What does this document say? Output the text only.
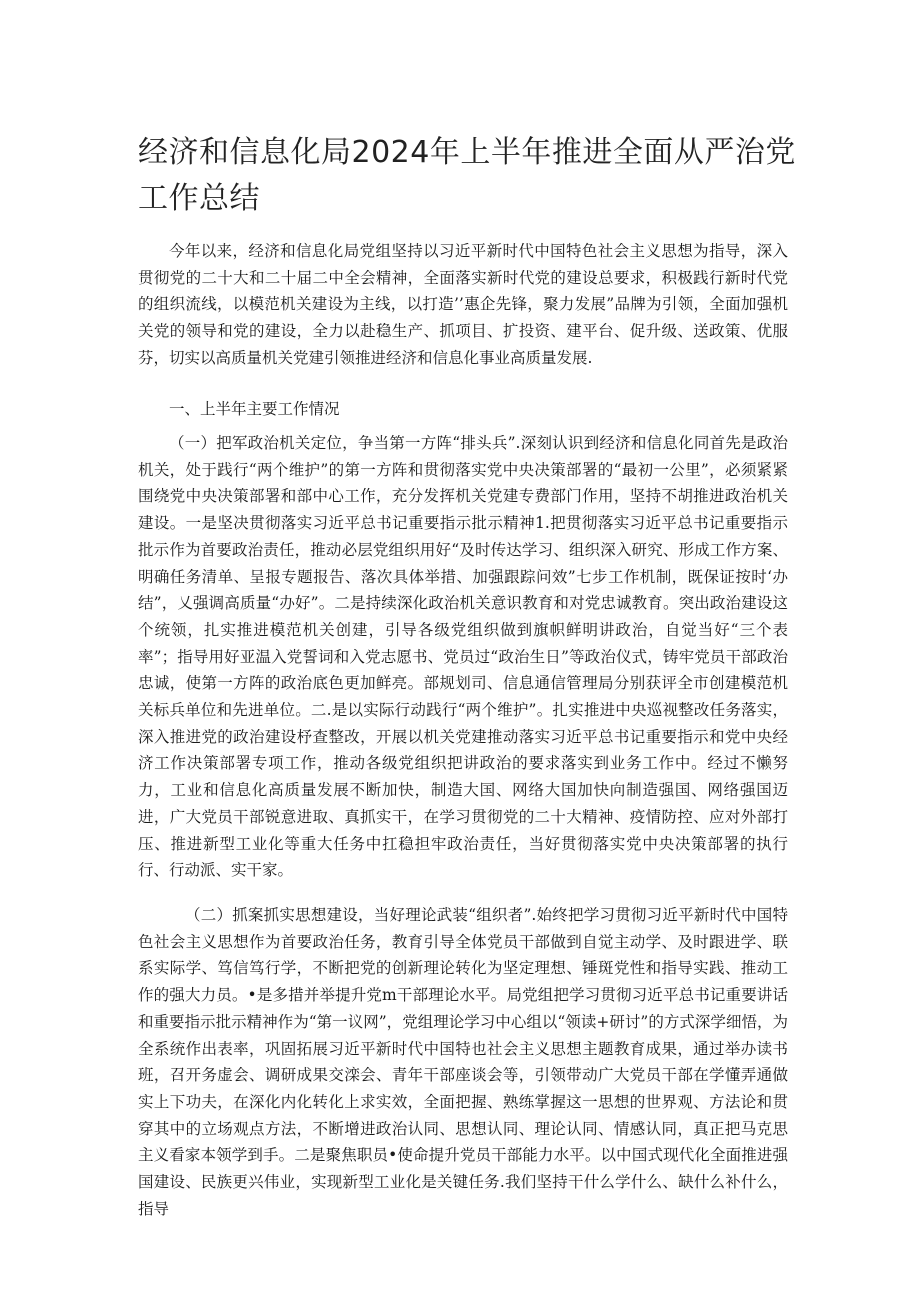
经济和信息化局2024年上半年推进全面从严治党工作总结

今年以来，经济和信息化局党组坚持以习近平新时代中国特色社会主义思想为指导，深入贯彻党的二十大和二十届二中全会精神，全面落实新时代党的建设总要求，积极践行新时代党的组织流线，以模范机关建设为主线，以打造’’惠企先锋，聚力发展”品牌为引领，全面加强机关党的领导和党的建设，全力以赴稳生产、抓项目、扩投资、建平台、促升级、送政策、优服芬，切实以高质量机关党建引领推进经济和信息化事业高质量发展.

一、上半年主要工作情况

（一）把军政治机关定位，争当第一方阵“排头兵”.深刻认识到经济和信息化同首先是政治机关，处于践行“两个维护”的第一方阵和贯彻落实党中央决策部署的“最初一公里”，必须紧紧围绕党中央决策部署和部中心工作，充分发挥机关党建专费部门作用，坚持不胡推进政治机关建设。一是坚决贯彻落实习近平总书记重要指示批示精神1.把贯彻落实习近平总书记重要指示批示作为首要政治责任，推动必层党组织用好“及时传达学习、组织深入研究、形成工作方案、明确任务清单、呈报专题报告、落次具体举措、加强跟踪问效”七步工作机制，既保证按时‘办结”，乂强调高质量“办好”。二是持续深化政治机关意识教育和对党忠诚教育。突出政治建设这个统领，扎实推进模范机关创建，引导各级党组织做到旗帜鲜明讲政治，自觉当好“三个表率”；指导用好亚温入党誓词和入党志愿书、党员过“政治生日”等政治仪式，铸牢党员干部政治忠诚，使第一方阵的政治底色更加鲜亮。部规划司、信息通信管理局分别获评全市创建模范机关标兵单位和先进单位。二.是以实际行动践行“两个维护”。扎实推进中央巡视整改任务落实，深入推进党的政治建设杼查整改，开展以机关党建推动落实习近平总书记重要指示和党中央经济工作决策部署专项工作，推动各级党组织把讲政治的要求落实到业务工作中。经过不懒努力，工业和信息化高质量发展不断加快，制造大国、网络大国加快向制造强国、网络强国迈进，广大党员干部锐意进取、真抓实干，在学习贯彻党的二十大精神、疫情防控、应对外部打压、推进新型工业化等重大任务中扛稳担牢政治责任，当好贯彻落实党中央决策部署的执行行、行动派、实干家。

（二）抓案抓实思想建设，当好理论武装“组织者”.始终把学习贯彻习近平新时代中国特色社会主义思想作为首要政治任务，教育引导全体党员干部做到自觉主动学、及时跟进学、联系实际学、笃信笃行学，不断把党的创新理论转化为坚定理想、锤斑党性和指导实践、推动工作的强大力员。•是多措并举提升党m干部理论水平。局党组把学习贯彻习近平总书记重要讲话和重要指示批示精神作为“第一议网”，党组理论学习中心组以“领读+研讨”的方式深学细悟，为全系统作出表率，巩固拓展习近平新时代中国特也社会主义思想主题教育成果，通过举办读书班，召开务虚会、调研成果交滦会、青年干部座谈会等，引领带动广大党员干部在学懂弄通做实上下功夫，在深化内化转化上求实效，全面把握、熟练掌握这一思想的世界观、方法论和贯穿其中的立场观点方法，不断增进政治认同、思想认同、理论认同、情感认同，真正把马克思主义看家本领学到手。二是聚焦职员•使命提升党员干部能力水平。以中国式现代化全面推进强国建设、民族更兴伟业，实现新型工业化是关键任务.我们坚持干什么学什么、缺什么补什么，指导
